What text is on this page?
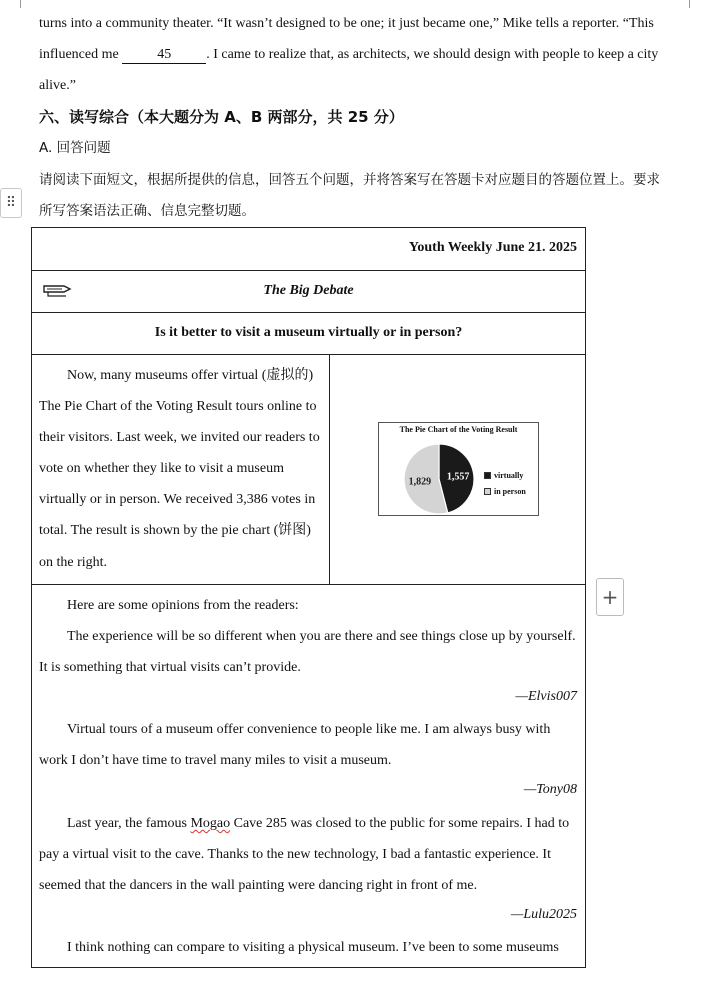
turns into a community theater. “It wasn’t designed to be one; it just became one,” Mike tells a reporter. “This
influenced me	45	. I came to realize that, as architects, we should design with people to keep a city
alive.”
六、读写综合（本大题分为 A、B 两部分，共 25 分）
A. 回答问题
请阅读下面短文，根据所提供的信息，回答五个问题，并将答案写在答题卡对应题目的答题位置上。要求
所写答案语法正确、信息完整切题。
⠿
Youth Weekly June 21. 2025
The Big Debate
Is it better to visit a museum virtually or in person?
Now, many museums offer virtual (虚拟的)
The Pie Chart of the Voting Result tours online to
their visitors. Last week, we invited our readers to
vote on whether they like to visit a museum
virtually or in person. We received 3,386 votes in
total. The result is shown by the pie chart (饼图)
on the right.
The Pie Chart of the Voting Result
1,557
1,829
virtually
in person
Here are some opinions from the readers:
The experience will be so different when you are there and see things close up by yourself.
It is something that virtual visits can’t provide.
—Elvis007
Virtual tours of a museum offer convenience to people like me. I am always busy with
work I don’t have time to travel many miles to visit a museum.
—Tony08
Last year, the famous Mogao Cave 285 was closed to the public for some repairs. I had to
pay a virtual visit to the cave. Thanks to the new technology, I bad a fantastic experience. It
seemed that the dancers in the wall painting were dancing right in front of me.
—Lulu2025
I think nothing can compare to visiting a physical museum. I’ve been to some museums
+
